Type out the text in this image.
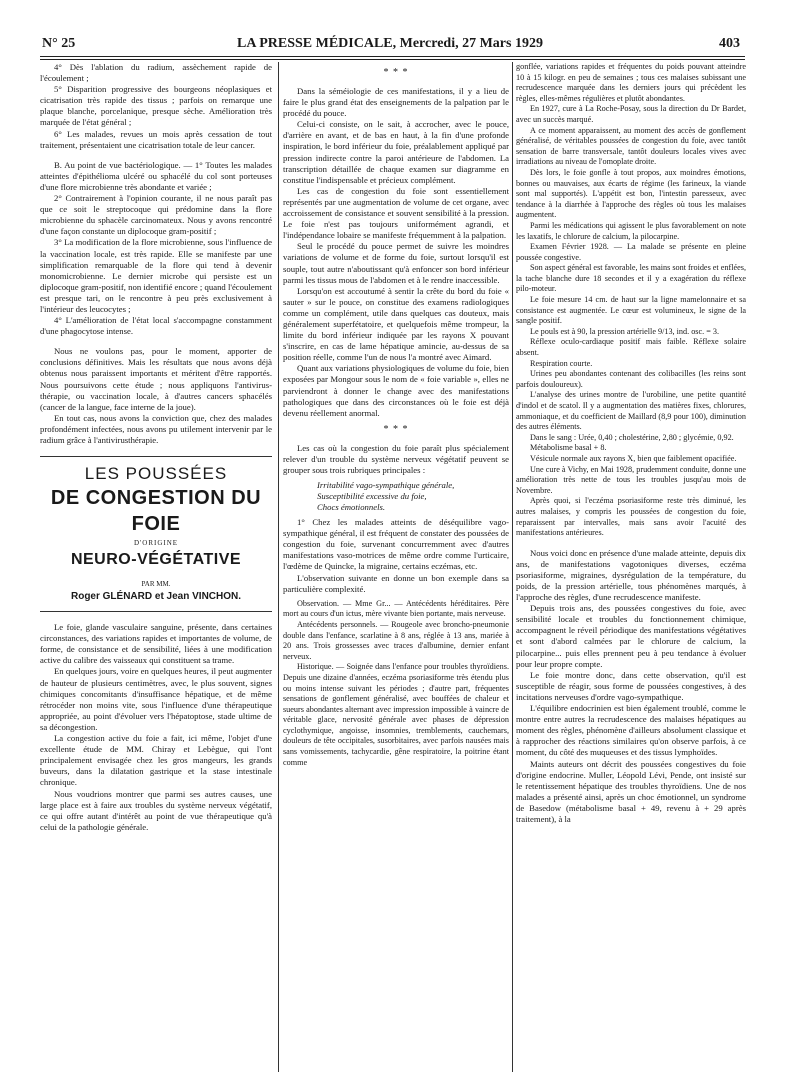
N° 25	LA PRESSE MÉDICALE, Mercredi, 27 Mars 1929	403

4° Dès l'ablation du radium, assèchement rapide de l'écoulement ;

5° Disparition progressive des bourgeons néoplasiques et cicatrisation très rapide des tissus ; parfois on remarque une plaque blanche, porcelanique, presque sèche. Amélioration très marquée de l'état général ;

6° Les malades, revues un mois après cessation de tout traitement, présentaient une cicatrisation totale de leur cancer.

B. Au point de vue bactériologique. — 1° Toutes les malades atteintes d'épithélioma ulcéré ou sphacélé du col sont porteuses d'une flore microbienne très abondante et variée ;

2° Contrairement à l'opinion courante, il ne nous paraît pas que ce soit le streptocoque qui prédomine dans la flore microbienne du sphacèle carcinomateux. Nous y avons rencontré d'une façon constante un diplocoque gram-positif ;

3° La modification de la flore microbienne, sous l'influence de la vaccination locale, est très rapide. Elle se manifeste par une simplification remarquable de la flore qui tend à devenir monomicrobienne. Le dernier microbe qui persiste est un diplocoque gram-positif, non identifié encore ; quand l'écoulement est presque tari, on le rencontre à peu près exclusivement à l'intérieur des leucocytes ;

4° L'amélioration de l'état local s'accompagne constamment d'une phagocytose intense.

Nous ne voulons pas, pour le moment, apporter de conclusions définitives. Mais les résultats que nous avons déjà obtenus nous paraissent importants et méritent d'être rapportés. Nous poursuivons cette étude ; nous appliquons l'antivirus-thérapie, ou vaccination locale, à d'autres cancers sphacélés (cancer de la langue, face interne de la joue).

En tout cas, nous avons la conviction que, chez des malades profondément infectées, nous avons pu utilement intervenir par le radium grâce à l'antivirusthérapie.

LES POUSSÉES
DE CONGESTION DU FOIE
D'ORIGINE
NEURO-VÉGÉTATIVE
PAR MM.
Roger GLÉNARD et Jean VINCHON.

Le foie, glande vasculaire sanguine, présente, dans certaines circonstances, des variations rapides et importantes de volume, de forme, de consistance et de sensibilité, liées à une modification active du calibre des vaisseaux qui constituent sa trame.

En quelques jours, voire en quelques heures, il peut augmenter de hauteur de plusieurs centimètres, avec, le plus souvent, signes chimiques concomitants d'insuffisance hépatique, et de même rétrocéder non moins vite, sous l'influence d'une thérapeutique appropriée, au point d'évoluer vers l'hépatoptose, stade ultime de sa décongestion.

La congestion active du foie a fait, ici même, l'objet d'une excellente étude de MM. Chiray et Lebègue, qui l'ont principalement envisagée chez les gros mangeurs, les grands buveurs, dans la dilatation gastrique et la stase intestinale chronique.

Nous voudrions montrer que parmi ses autres causes, une large place est à faire aux troubles du système nerveux végétatif, ce qui offre autant d'intérêt au point de vue thérapeutique qu'à celui de la pathologie générale.

* * *

Dans la séméiologie de ces manifestations, il y a lieu de faire le plus grand état des enseignements de la palpation par le procédé du pouce.

Celui-ci consiste, on le sait, à accrocher, avec le pouce, d'arrière en avant, et de bas en haut, à la fin d'une profonde inspiration, le bord inférieur du foie, préalablement appliqué par pression indirecte contre la paroi antérieure de l'abdomen. La transcription détaillée de chaque examen sur diagramme en constitue l'indispensable et précieux complément.

Les cas de congestion du foie sont essentiellement représentés par une augmentation de volume de cet organe, avec accroissement de consistance et souvent sensibilité à la pression. Le foie n'est pas toujours uniformément agrandi, et l'indépendance lobaire se manifeste fréquemment à la palpation.

Seul le procédé du pouce permet de suivre les moindres variations de volume et de forme du foie, surtout lorsqu'il est souple, tout autre n'aboutissant qu'à enfoncer son bord inférieur parmi les tissus mous de l'abdomen et à le rendre inaccessible.

Lorsqu'on est accoutumé à sentir la crête du bord du foie « sauter » sur le pouce, on constitue des examens radiologiques comme un complément, utile dans quelques cas douteux, mais généralement superfétatoire, et quelquefois même trompeur, la limite du bord inférieur indiquée par les rayons X pouvant s'inscrire, en cas de lame hépatique amincie, au-dessus de sa position réelle, comme l'un de nous l'a montré avec Aimard.

Quant aux variations physiologiques de volume du foie, bien exposées par Mongour sous le nom de « foie variable », elles ne parviendront à donner le change avec des manifestations pathologiques que dans des circonstances où le foie est déjà devenu réellement anormal.

* * *

Les cas où la congestion du foie paraît plus spécialement relever d'un trouble du système nerveux végétatif peuvent se grouper sous trois rubriques principales :

Irritabilité vago-sympathique générale,
Susceptibilité excessive du foie,
Chocs émotionnels.

1° Chez les malades atteints de déséquilibre vago-sympathique général, il est fréquent de constater des poussées de congestion du foie, survenant concurremment avec d'autres manifestations vaso-motrices de même ordre comme l'urticaire, l'œdème de Quincke, la migraine, certains eczémas, etc.

L'observation suivante en donne un bon exemple dans sa particulière complexité.

Observation. — Mme Gr... — Antécédents héréditaires. Père mort au cours d'un ictus, mère vivante bien portante, mais nerveuse.

Antécédents personnels. — Rougeole avec broncho-pneumonie double dans l'enfance, scarlatine à 8 ans, réglée à 13 ans, mariée à 20 ans. Trois grossesses avec traces d'albumine, dernier enfant nerveux.

Historique. — Soignée dans l'enfance pour troubles thyroïdiens. Depuis une dizaine d'années, eczéma psoriasiforme très étendu plus ou moins intense suivant les périodes ; d'autre part, fréquentes sensations de gonflement généralisé, avec bouffées de chaleur et sueurs abondantes alternant avec impression impossible à vaincre de véritable glace, nervosité générale avec phases de dépression cyclothymique, angoisse, insomnies, tremblements, cauchemars, douleurs de tête occipitales, susorbitaires, avec parfois nausées mais sans vomissements, tachycardie, gêne respiratoire, la poitrine étant comme

gonflée, variations rapides et fréquentes du poids pouvant atteindre 10 à 15 kilogr. en peu de semaines ; tous ces malaises subissant une recrudescence marquée dans les derniers jours qui précèdent les règles, elles-mêmes régulières et plutôt abondantes.

En 1927, cure à La Roche-Posay, sous la direction du Dr Bardet, avec un succès marqué.

A ce moment apparaissent, au moment des accès de gonflement généralisé, de véritables poussées de congestion du foie, avec tantôt sensation de barre transversale, tantôt douleurs locales vives avec irradiations au niveau de l'omoplate droite.

Dès lors, le foie gonfle à tout propos, aux moindres émotions, bonnes ou mauvaises, aux écarts de régime (les farineux, la viande sont mal supportés). L'appétit est bon, l'intestin paresseux, avec tendance à la diarrhée à l'approche des règles où tous les malaises augmentent.

Parmi les médications qui agissent le plus favorablement on note les laxatifs, le chlorure de calcium, la pilocarpine.

Examen Février 1928. — La malade se présente en pleine poussée congestive.

Son aspect général est favorable, les mains sont froides et enflées, la tache blanche dure 18 secondes et il y a exagération du réflexe pilo-moteur.

Le foie mesure 14 cm. de haut sur la ligne mamelonnaire et sa consistance est augmentée. Le cœur est volumineux, le signe de la sangle positif.

Le pouls est à 90, la pression artérielle 9/13, ind. osc. = 3.

Réflexe oculo-cardiaque positif mais faible. Réflexe solaire absent.

Respiration courte.

Urines peu abondantes contenant des colibacilles (les reins sont parfois douloureux).

L'analyse des urines montre de l'urobiline, une petite quantité d'indol et de scatol. Il y a augmentation des matières fixes, chlorures, ammoniaque, et du coefficient de Maillard (8,9 pour 100), diminution des autres éléments.

Dans le sang : Urée, 0,40 ; cholestérine, 2,80 ; glycémie, 0,92.

Métabolisme basal + 8.

Vésicule normale aux rayons X, bien que faiblement opacifiée.

Une cure à Vichy, en Mai 1928, prudemment conduite, donne une amélioration très nette de tous les troubles jusqu'au mois de Novembre.

Après quoi, si l'eczéma psoriasiforme reste très diminué, les autres malaises, y compris les poussées de congestion du foie, reparaissent par intervalles, mais sans avoir l'acuité des manifestations antérieures.

Nous voici donc en présence d'une malade atteinte, depuis dix ans, de manifestations vagotoniques diverses, eczéma psoriasiforme, migraines, dysrégulation de la température, du poids, de la pression artérielle, tous phénomènes marqués, à l'approche des règles, d'une recrudescence manifeste.

Depuis trois ans, des poussées congestives du foie, avec sensibilité locale et troubles du fonctionnement chimique, accompagnent le réveil périodique des manifestations végétatives et sont d'abord calmées par le chlorure de calcium, la pilocarpine... puis elles prennent peu à peu tendance à évoluer pour leur propre compte.

Le foie montre donc, dans cette observation, qu'il est susceptible de réagir, sous forme de poussées congestives, à des incitations nerveuses d'ordre vago-sympathique.

L'équilibre endocrinien est bien également troublé, comme le montre entre autres la recrudescence des malaises hépatiques au moment des règles, phénomène d'ailleurs absolument classique et à rapprocher des réactions similaires qu'on observe parfois, à ce moment, du côté des muqueuses et des tissus lymphoïdes.

Maints auteurs ont décrit des poussées congestives du foie d'origine endocrine. Muller, Léopold Lévi, Pende, ont insisté sur le retentissement hépatique des troubles thyroïdiens. Une de nos malades a présenté ainsi, après un choc émotionnel, un syndrome de Basedow (métabolisme basal + 49, revenu à + 29 après traitement), à la
